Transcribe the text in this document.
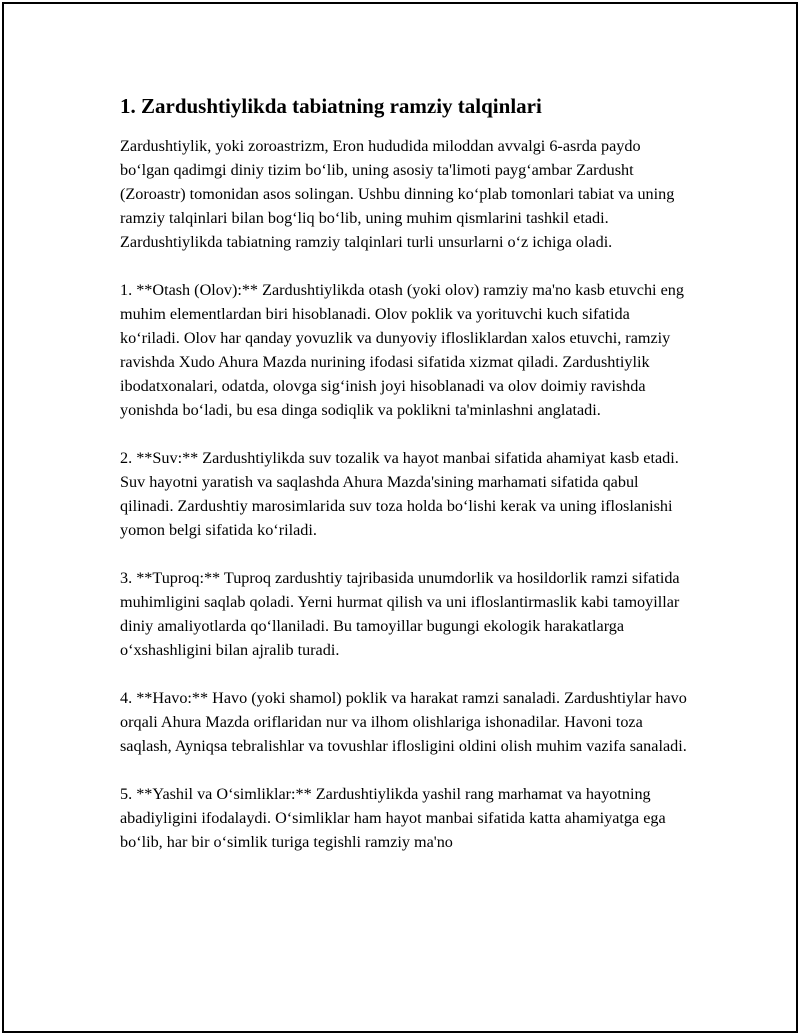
1. Zardushtiylikda tabiatning ramziy talqinlari

Zardushtiylik, yoki zoroastrizm, Eron hududida miloddan avvalgi 6-asrda paydo bo‘lgan qadimgi diniy tizim bo‘lib, uning asosiy ta'limoti payg‘ambar Zardusht (Zoroastr) tomonidan asos solingan. Ushbu dinning ko‘plab tomonlari tabiat va uning ramziy talqinlari bilan bog‘liq bo‘lib, uning muhim qismlarini tashkil etadi. Zardushtiylikda tabiatning ramziy talqinlari turli unsurlarni o‘z ichiga oladi.

1. **Otash (Olov):** Zardushtiylikda otash (yoki olov) ramziy ma'no kasb etuvchi eng muhim elementlardan biri hisoblanadi. Olov poklik va yorituvchi kuch sifatida ko‘riladi. Olov har qanday yovuzlik va dunyoviy ifloslikl​ardan xalos etuvchi, ramziy ravishda Xudo Ahura Mazda nurining ifodasi sifatida xizmat qiladi. Zardushtiylik ibodatxonalari, odatda, olovga sig‘inish joyi hisoblanadi va olov doimiy ravishda yonishda bo‘ladi, bu esa dinga sodiqlik va poklikni ta'minlashni anglatadi.

2. **Suv:** Zardushtiylikda suv tozalik va hayot manbai sifatida ahamiyat kasb etadi. Suv hayotni yaratish va saqlashda Ahura Mazda'sining marhamati sifatida qabul qilinadi. Zardushtiy marosimlarida suv toza holda bo‘lishi kerak va uning ifloslanishi yomon belgi sifatida ko‘riladi.

3. **Tuproq:** Tuproq zardushtiy tajribasida unumdorlik va hosildorlik ramzi sifatida muhimligini saqlab qoladi. Yerni hurmat qilish va uni ifloslantirmaslik kabi tamoyillar diniy amaliyotlarda qo‘llaniladi. Bu tamoyillar bugungi ekologik harakatlarga o‘xshashligini bilan ajralib turadi.

4. **Havo:** Havo (yoki shamol) poklik va harakat ramzi sanaladi. Zardushtiylar havo orqali Ahura Mazda oriflaridan nur va ilhom olishlariga ishonadilar. Havoni toza saqlash, Ayniqsa tebralishlar va tovushlar ifloslig​ini oldini olish muhim vazifa sanaladi.

5. **Yashil va O‘simliklar:** Zardushtiylikda yashil rang marhamat va hayotning abadiyligini ifodalaydi. O‘simliklar ham hayot manbai sifatida katta ahamiyatga ega bo‘lib, har bir o‘simlik turiga tegishli ramziy ma'no
